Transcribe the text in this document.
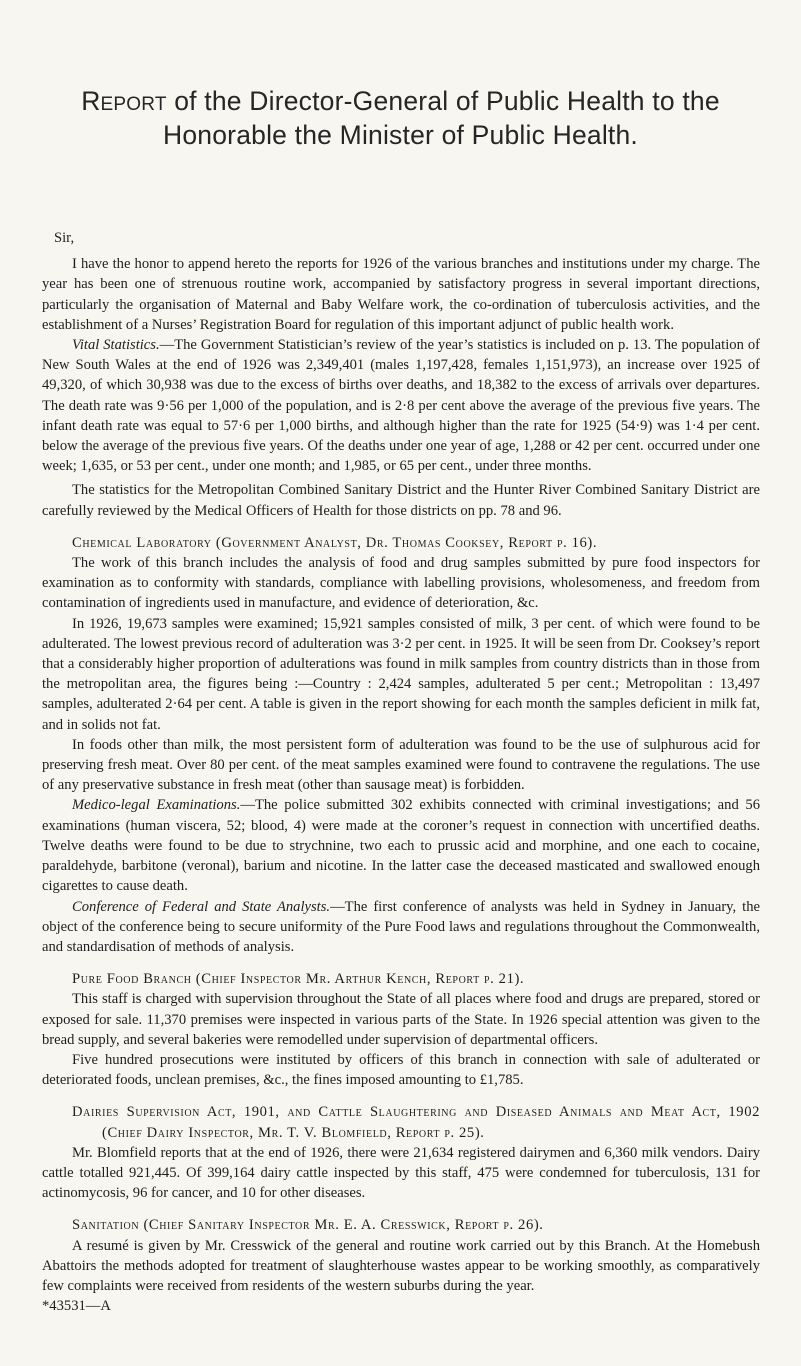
Report of the Director-General of Public Health to the
Honorable the Minister of Public Health.

Sir,

I have the honor to append hereto the reports for 1926 of the various branches and institutions under my charge. The year has been one of strenuous routine work, accompanied by satisfactory progress in several important directions, particularly the organisation of Maternal and Baby Welfare work, the co-ordination of tuberculosis activities, and the establishment of a Nurses’ Registration Board for regulation of this important adjunct of public health work.

Vital Statistics.—The Government Statistician’s review of the year’s statistics is included on p. 13. The population of New South Wales at the end of 1926 was 2,349,401 (males 1,197,428, females 1,151,973), an increase over 1925 of 49,320, of which 30,938 was due to the excess of births over deaths, and 18,382 to the excess of arrivals over departures. The death rate was 9·56 per 1,000 of the population, and is 2·8 per cent above the average of the previous five years. The infant death rate was equal to 57·6 per 1,000 births, and although higher than the rate for 1925 (54·9) was 1·4 per cent. below the average of the previous five years. Of the deaths under one year of age, 1,288 or 42 per cent. occurred under one week; 1,635, or 53 per cent., under one month; and 1,985, or 65 per cent., under three months.

The statistics for the Metropolitan Combined Sanitary District and the Hunter River Combined Sanitary District are carefully reviewed by the Medical Officers of Health for those districts on pp. 78 and 96.

Chemical Laboratory (Government Analyst, Dr. Thomas Cooksey, Report p. 16).

The work of this branch includes the analysis of food and drug samples submitted by pure food inspectors for examination as to conformity with standards, compliance with labelling provisions, wholesomeness, and freedom from contamination of ingredients used in manufacture, and evidence of deterioration, &c.

In 1926, 19,673 samples were examined; 15,921 samples consisted of milk, 3 per cent. of which were found to be adulterated. The lowest previous record of adulteration was 3·2 per cent. in 1925. It will be seen from Dr. Cooksey’s report that a considerably higher proportion of adulterations was found in milk samples from country districts than in those from the metropolitan area, the figures being :—Country : 2,424 samples, adulterated 5 per cent.; Metropolitan : 13,497 samples, adulterated 2·64 per cent. A table is given in the report showing for each month the samples deficient in milk fat, and in solids not fat.

In foods other than milk, the most persistent form of adulteration was found to be the use of sulphurous acid for preserving fresh meat. Over 80 per cent. of the meat samples examined were found to contravene the regulations. The use of any preservative substance in fresh meat (other than sausage meat) is forbidden.

Medico-legal Examinations.—The police submitted 302 exhibits connected with criminal investigations; and 56 examinations (human viscera, 52; blood, 4) were made at the coroner’s request in connection with uncertified deaths. Twelve deaths were found to be due to strychnine, two each to prussic acid and morphine, and one each to cocaine, paraldehyde, barbitone (veronal), barium and nicotine. In the latter case the deceased masticated and swallowed enough cigarettes to cause death.

Conference of Federal and State Analysts.—The first conference of analysts was held in Sydney in January, the object of the conference being to secure uniformity of the Pure Food laws and regulations throughout the Commonwealth, and standardisation of methods of analysis.

Pure Food Branch (Chief Inspector Mr. Arthur Kench, Report p. 21).

This staff is charged with supervision throughout the State of all places where food and drugs are prepared, stored or exposed for sale. 11,370 premises were inspected in various parts of the State. In 1926 special attention was given to the bread supply, and several bakeries were remodelled under supervision of departmental officers.

Five hundred prosecutions were instituted by officers of this branch in connection with sale of adulterated or deteriorated foods, unclean premises, &c., the fines imposed amounting to £1,785.

Dairies Supervision Act, 1901, and Cattle Slaughtering and Diseased Animals and Meat Act, 1902 (Chief Dairy Inspector, Mr. T. V. Blomfield, Report p. 25).

Mr. Blomfield reports that at the end of 1926, there were 21,634 registered dairymen and 6,360 milk vendors. Dairy cattle totalled 921,445. Of 399,164 dairy cattle inspected by this staff, 475 were condemned for tuberculosis, 131 for actinomycosis, 96 for cancer, and 10 for other diseases.

Sanitation (Chief Sanitary Inspector Mr. E. A. Cresswick, Report p. 26).

A resumé is given by Mr. Cresswick of the general and routine work carried out by this Branch. At the Homebush Abattoirs the methods adopted for treatment of slaughterhouse wastes appear to be working smoothly, as comparatively few complaints were received from residents of the western suburbs during the year.

*43531—A
